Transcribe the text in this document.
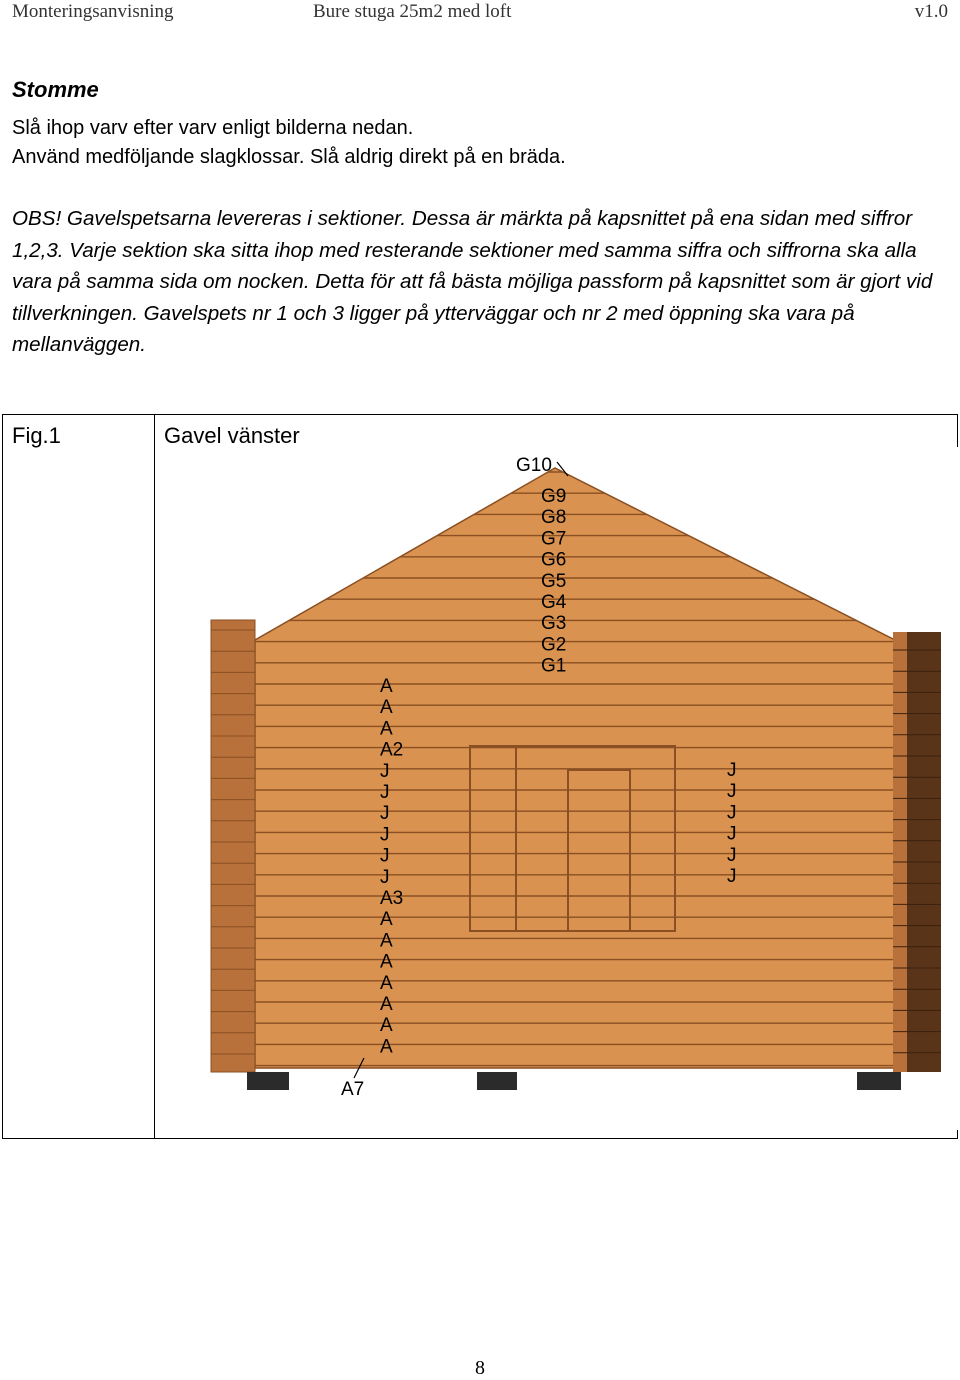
Monteringsanvisning	Bure stuga 25m2 med loft	v1.0
Stomme
Slå ihop varv efter varv enligt bilderna nedan.
Använd medföljande slagklossar. Slå aldrig direkt på en bräda.
OBS! Gavelspetsarna levereras i sektioner. Dessa är märkta på kapsnittet på ena sidan med siffror 1,2,3. Varje sektion ska sitta ihop med resterande sektioner med samma siffra och siffrorna ska alla vara på samma sida om nocken. Detta för att få bästa möjliga passform på kapsnittet som är gjort vid tillverkningen. Gavelspets nr 1 och 3 ligger på ytterväggar och nr 2 med öppning ska vara på mellanväggen.
Fig.1	Gavel vänster
G10
G9
G8
G7
G6
G5
G4
G3
G2
G1
A
A
A
A2
J
J
J
J
J
J
A3
A
A
A
A
A
A
A
J
J
J
J
J
J
A7
8
